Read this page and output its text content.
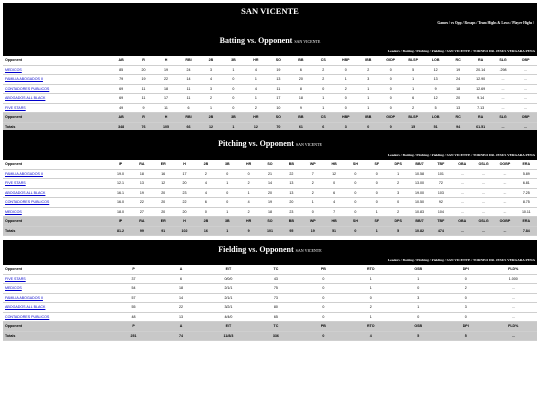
SAN VICENTE
Games / vs Opp / Recaps / Team Highs & Lows / Player Highs /
Batting vs. Opponent SAN VICENTE
Leaders / Batting / Pitching / Fielding / SAN VICENTE / TORNEO DR. JESUS VERGARA PENA
Opponent	AB	R	H	RBI	2B	3B	HR	SO	BB	CS	HBP	IBB	GIDP	BLSP	LOB	RC	RA	SLG	OBP
MEDICOS	85	20	19	24	3	1	4	19	6	2	0	2	0	5	12	19	20.14	.298	...
FAMILIA ABOGADOS II	79	19	22	14	4	0	1	13	20	2	1	3	0	1	13	24	12.90	...	...
CONTADORES PUBLICOS	69	11	18	11	3	0	4	11	8	0	2	1	0	1	9	18	12.69	...	...
ABOGADOS ALL BLACK	69	11	17	11	2	0	1	17	18	1	0	1	0	6	12	20	9.14	...	...
FIVE STARS	49	9	11	6	1	0	2	10	9	1	0	1	0	2	5	13	7.13	...	...
Opponent	AB	R	H	RBI	2B	3B	HR	SO	BB	CS	HBP	IBB	GIDP	BLSP	LOB	RC	RA	SLG	OBP
Totals	348	76	105	66	12	1	12	70	61	6	3	0	0	15	51	94	61.51	...	...
Pitching vs. Opponent SAN VICENTE
Leaders / Batting / Pitching / Fielding / SAN VICENTE / TORNEO DR. JESUS VERGARA PENA
Opponent	IP	RA	ER	H	2B	3B	HR	SO	BB	WP	HB	SH	SF	DPS	BB/7	TBF	OBA	OSLG	OOBP	ERA
FAMILIA ABOGADOS II	19.0	18	16	17	2	0	0	21	22	7	12	0	0	1	10.58	101	...	...	...	5.89
FIVE STARS	12.1	13	12	20	4	1	2	14	13	2	0	0	0	2	13.00	72	...	...	...	6.81
ABOGADOS ALL BLACK	16.1	19	20	23	4	0	1	20	13	2	6	0	0	3	19.00	103	...	...	...	7.25
CONTADORES PUBLICOS	16.0	22	20	22	6	0	4	19	20	1	4	0	0	0	10.50	92	...	...	...	8.75
MEDICOS	18.0	27	20	20	0	1	2	18	23	0	7	0	1	2	10.83	104	...	...	...	10.11
Opponent	IP	RA	ER	H	2B	3B	HR	SO	BB	WP	HB	SH	SF	DPS	BB/7	TBF	OBA	OSLG	OOBP	ERA
Totals	81.2	99	91	102	16	1	9	101	95	19	51	0	1	5	10.82	474	...	...	...	7.84
Fielding vs. Opponent SAN VICENTE
Leaders / Batting / Pitching / Fielding / SAN VICENTE / TORNEO DR. JESUS VERGARA PENA
Opponent	P	A	E/T	TC	PB	RTO	OSB	DPI	FLD%
FIVE STARS	37	6	0/0/0	43	0	1	1	0	1.000
MEDICOS	54	18	2/1/1	75	0	1	0	2	...
FAMILIA ABOGADOS II	57	14	2/1/1	73	0	0	3	0	...
ABOGADOS ALL BLACK	55	22	3/2/1	80	0	2	1	3	...
CONTADORES PUBLICOS	48	13	4/4/0	65	0	1	0	0	...
Opponent	P	A	E/T	TC	PB	RTO	OSB	DPI	FLD%
Totals	251	74	11/8/3	336	0	4	5	5	...
